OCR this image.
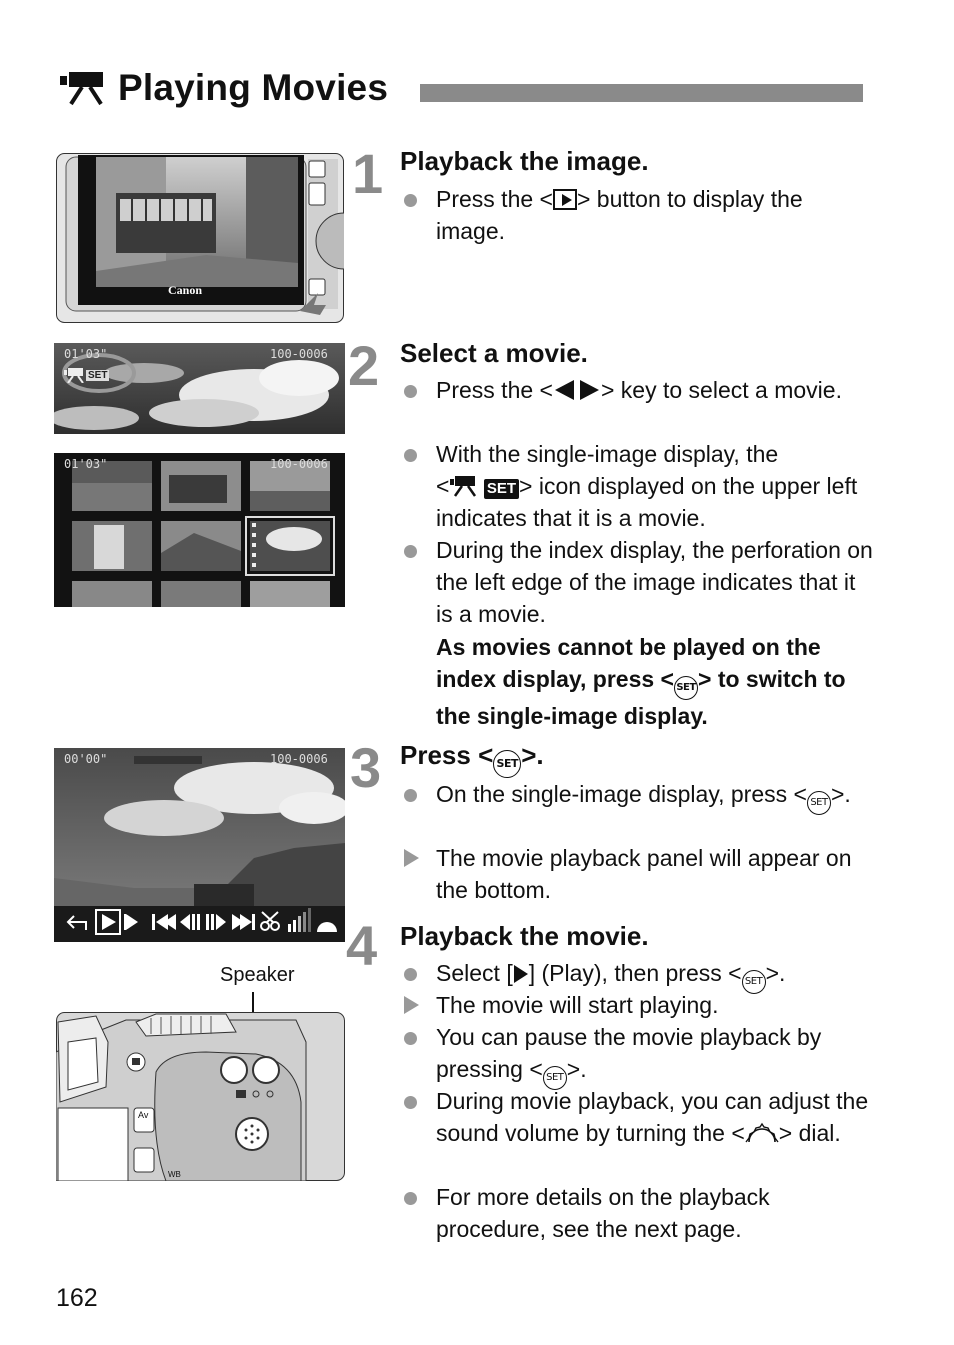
Playing Movies
1
2
3
4
Playback the image.
Press the < > button to display the image.
Select a movie.
Press the < > key to select a movie.
With the single-image display, the
< SET > icon displayed on the upper left indicates that it is a movie.
During the index display, the perforation on the left edge of the image indicates that it is a movie.
As movies cannot be played on the index display, press < SET > to switch to the single-image display.
Press < SET >.
On the single-image display, press < SET >.
The movie playback panel will appear on the bottom.
Playback the movie.
Select [ ] (Play), then press < SET >.
The movie will start playing.
You can pause the movie playback by pressing < SET >.
During movie playback, you can adjust the sound volume by turning the < > dial.
For more details on the playback procedure, see the next page.
Canon
01'03"	100-0006
SET
01'03"	100-0006
00'00"	100-0006
Speaker
Av
WB
162
